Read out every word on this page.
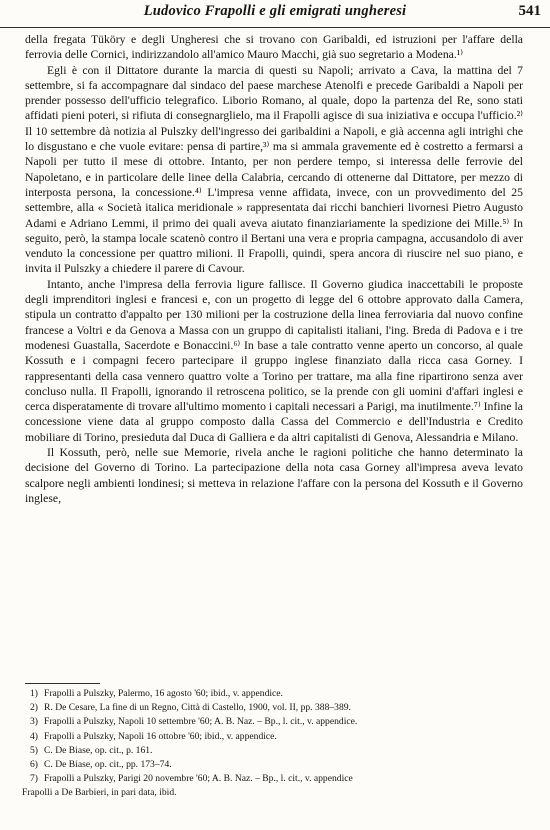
Ludovico Frapolli e gli emigrati ungheresi	541

della fregata Tüköry e degli Ungheresi che si trovano con Garibaldi, ed istruzioni per l'affare della ferrovia delle Cornici, indirizzandolo all'amico Mauro Macchi, già suo segretario a Modena.¹⁾

Egli è con il Dittatore durante la marcia di questi su Napoli; arrivato a Cava, la mattina del 7 settembre, si fa accompagnare dal sindaco del paese marchese Atenolfi e precede Garibaldi a Napoli per prender possesso dell'ufficio telegrafico. Liborio Romano, al quale, dopo la partenza del Re, sono stati affidati pieni poteri, si rifiuta di consegnarglielo, ma il Frapolli agisce di sua iniziativa e occupa l'ufficio.²⁾ Il 10 settembre dà notizia al Pulszky dell'ingresso dei garibaldini a Napoli, e già accenna agli intrighi che lo disgustano e che vuole evitare: pensa di partire,³⁾ ma si ammala gravemente ed è costretto a fermarsi a Napoli per tutto il mese di ottobre. Intanto, per non perdere tempo, si interessa delle ferrovie del Napoletano, e in particolare delle linee della Calabria, cercando di ottenerne dal Dittatore, per mezzo di interposta persona, la concessione.⁴⁾ L'impresa venne affidata, invece, con un provvedimento del 25 settembre, alla « Società italica meridionale » rappresentata dai ricchi banchieri livornesi Pietro Augusto Adami e Adriano Lemmi, il primo dei quali aveva aiutato finanziariamente la spedizione dei Mille.⁵⁾ In seguito, però, la stampa locale scatenò contro il Bertani una vera e propria campagna, accusandolo di aver venduto la concessione per quattro milioni. Il Frapolli, quindi, spera ancora di riuscire nel suo piano, e invita il Pulszky a chiedere il parere di Cavour.

Intanto, anche l'impresa della ferrovia ligure fallisce. Il Governo giudica inaccettabili le proposte degli imprenditori inglesi e francesi e, con un progetto di legge del 6 ottobre approvato dalla Camera, stipula un contratto d'appalto per 130 milioni per la costruzione della linea ferroviaria dal nuovo confine francese a Voltri e da Genova a Massa con un gruppo di capitalisti italiani, l'ing. Breda di Padova e i tre modenesi Guastalla, Sacerdote e Bonaccini.⁶⁾ In base a tale contratto venne aperto un concorso, al quale Kossuth e i compagni fecero partecipare il gruppo inglese finanziato dalla ricca casa Gorney. I rappresentanti della casa vennero quattro volte a Torino per trattare, ma alla fine ripartirono senza aver concluso nulla. Il Frapolli, ignorando il retroscena politico, se la prende con gli uomini d'affari inglesi e cerca disperatamente di trovare all'ultimo momento i capitali necessari a Parigi, ma inutilmente.⁷⁾ Infine la concessione viene data al gruppo composto dalla Cassa del Commercio e dell'Industria e Credito mobiliare di Torino, presieduta dal Duca di Galliera e da altri capitalisti di Genova, Alessandria e Milano.

Il Kossuth, però, nelle sue Memorie, rivela anche le ragioni politiche che hanno determinato la decisione del Governo di Torino. La partecipazione della nota casa Gorney all'impresa aveva levato scalpore negli ambienti londinesi; si metteva in relazione l'affare con la persona del Kossuth e il Governo inglese,

1) Frapolli a Pulszky, Palermo, 16 agosto '60; ibid., v. appendice.
2) R. De Cesare, La fine di un Regno, Città di Castello, 1900, vol. II, pp. 388–389.
3) Frapolli a Pulszky, Napoli 10 settembre '60; A. B. Naz. – Bp., l. cit., v. appendice.
4) Frapolli a Pulszky, Napoli 16 ottobre '60; ibid., v. appendice.
5) C. De Biase, op. cit., p. 161.
6) C. De Biase, op. cit., pp. 173–74.
7) Frapolli a Pulszky, Parigi 20 novembre '60; A. B. Naz. – Bp., l. cit., v. appendice
Frapolli a De Barbieri, in pari data, ibid.
